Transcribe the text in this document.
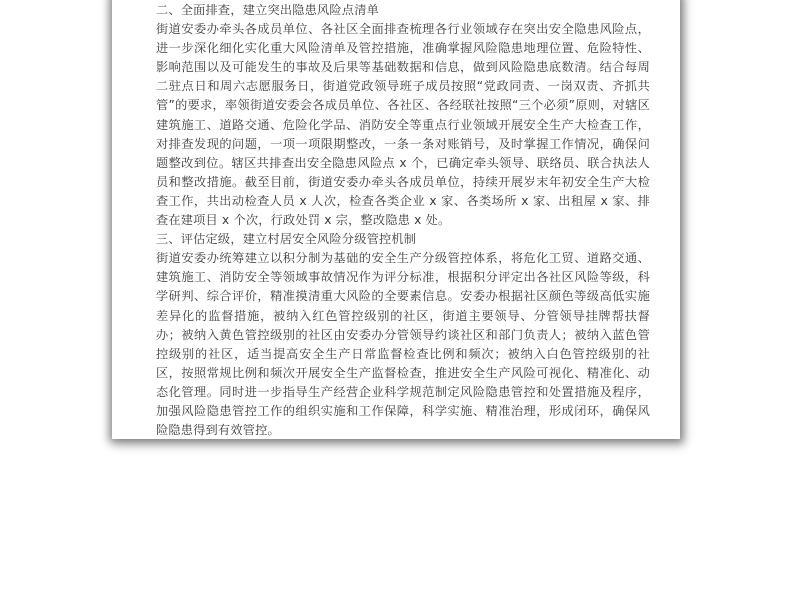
二、全面排查，建立突出隐患风险点清单

街道安委办牵头各成员单位、各社区全面排查梳理各行业领域存在突出安全隐患风险点，进一步深化细化实化重大风险清单及管控措施，准确掌握风险隐患地理位置、危险特性、影响范围以及可能发生的事故及后果等基础数据和信息，做到风险隐患底数清。结合每周二驻点日和周六志愿服务日，街道党政领导班子成员按照“党政同责、一岗双责、齐抓共管”的要求，率领街道安委会各成员单位、各社区、各经联社按照“三个必须”原则，对辖区建筑施工、道路交通、危险化学品、消防安全等重点行业领域开展安全生产大检查工作，对排查发现的问题，一项一项限期整改，一条一条对账销号，及时掌握工作情况，确保问题整改到位。辖区共排查出安全隐患风险点 x 个，已确定牵头领导、联络员、联合执法人员和整改措施。截至目前，街道安委办牵头各成员单位，持续开展岁末年初安全生产大检查工作，共出动检查人员 x 人次，检查各类企业 x 家、各类场所 x 家、出租屋 x 家、排查在建项目 x 个次，行政处罚 x 宗，整改隐患 x 处。

三、评估定级，建立村居安全风险分级管控机制

街道安委办统筹建立以积分制为基础的安全生产分级管控体系，将危化工贸、道路交通、建筑施工、消防安全等领域事故情况作为评分标准，根据积分评定出各社区风险等级，科学研判、综合评价，精准摸清重大风险的全要素信息。安委办根据社区颜色等级高低实施差异化的监督措施，被纳入红色管控级别的社区，街道主要领导、分管领导挂牌帮扶督办；被纳入黄色管控级别的社区由安委办分管领导约谈社区和部门负责人；被纳入蓝色管控级别的社区，适当提高安全生产日常监督检查比例和频次；被纳入白色管控级别的社区，按照常规比例和频次开展安全生产监督检查，推进安全生产风险可视化、精准化、动态化管理。同时进一步指导生产经营企业科学规范制定风险隐患管控和处置措施及程序，加强风险隐患管控工作的组织实施和工作保障，科学实施、精准治理，形成闭环，确保风险隐患得到有效管控。
